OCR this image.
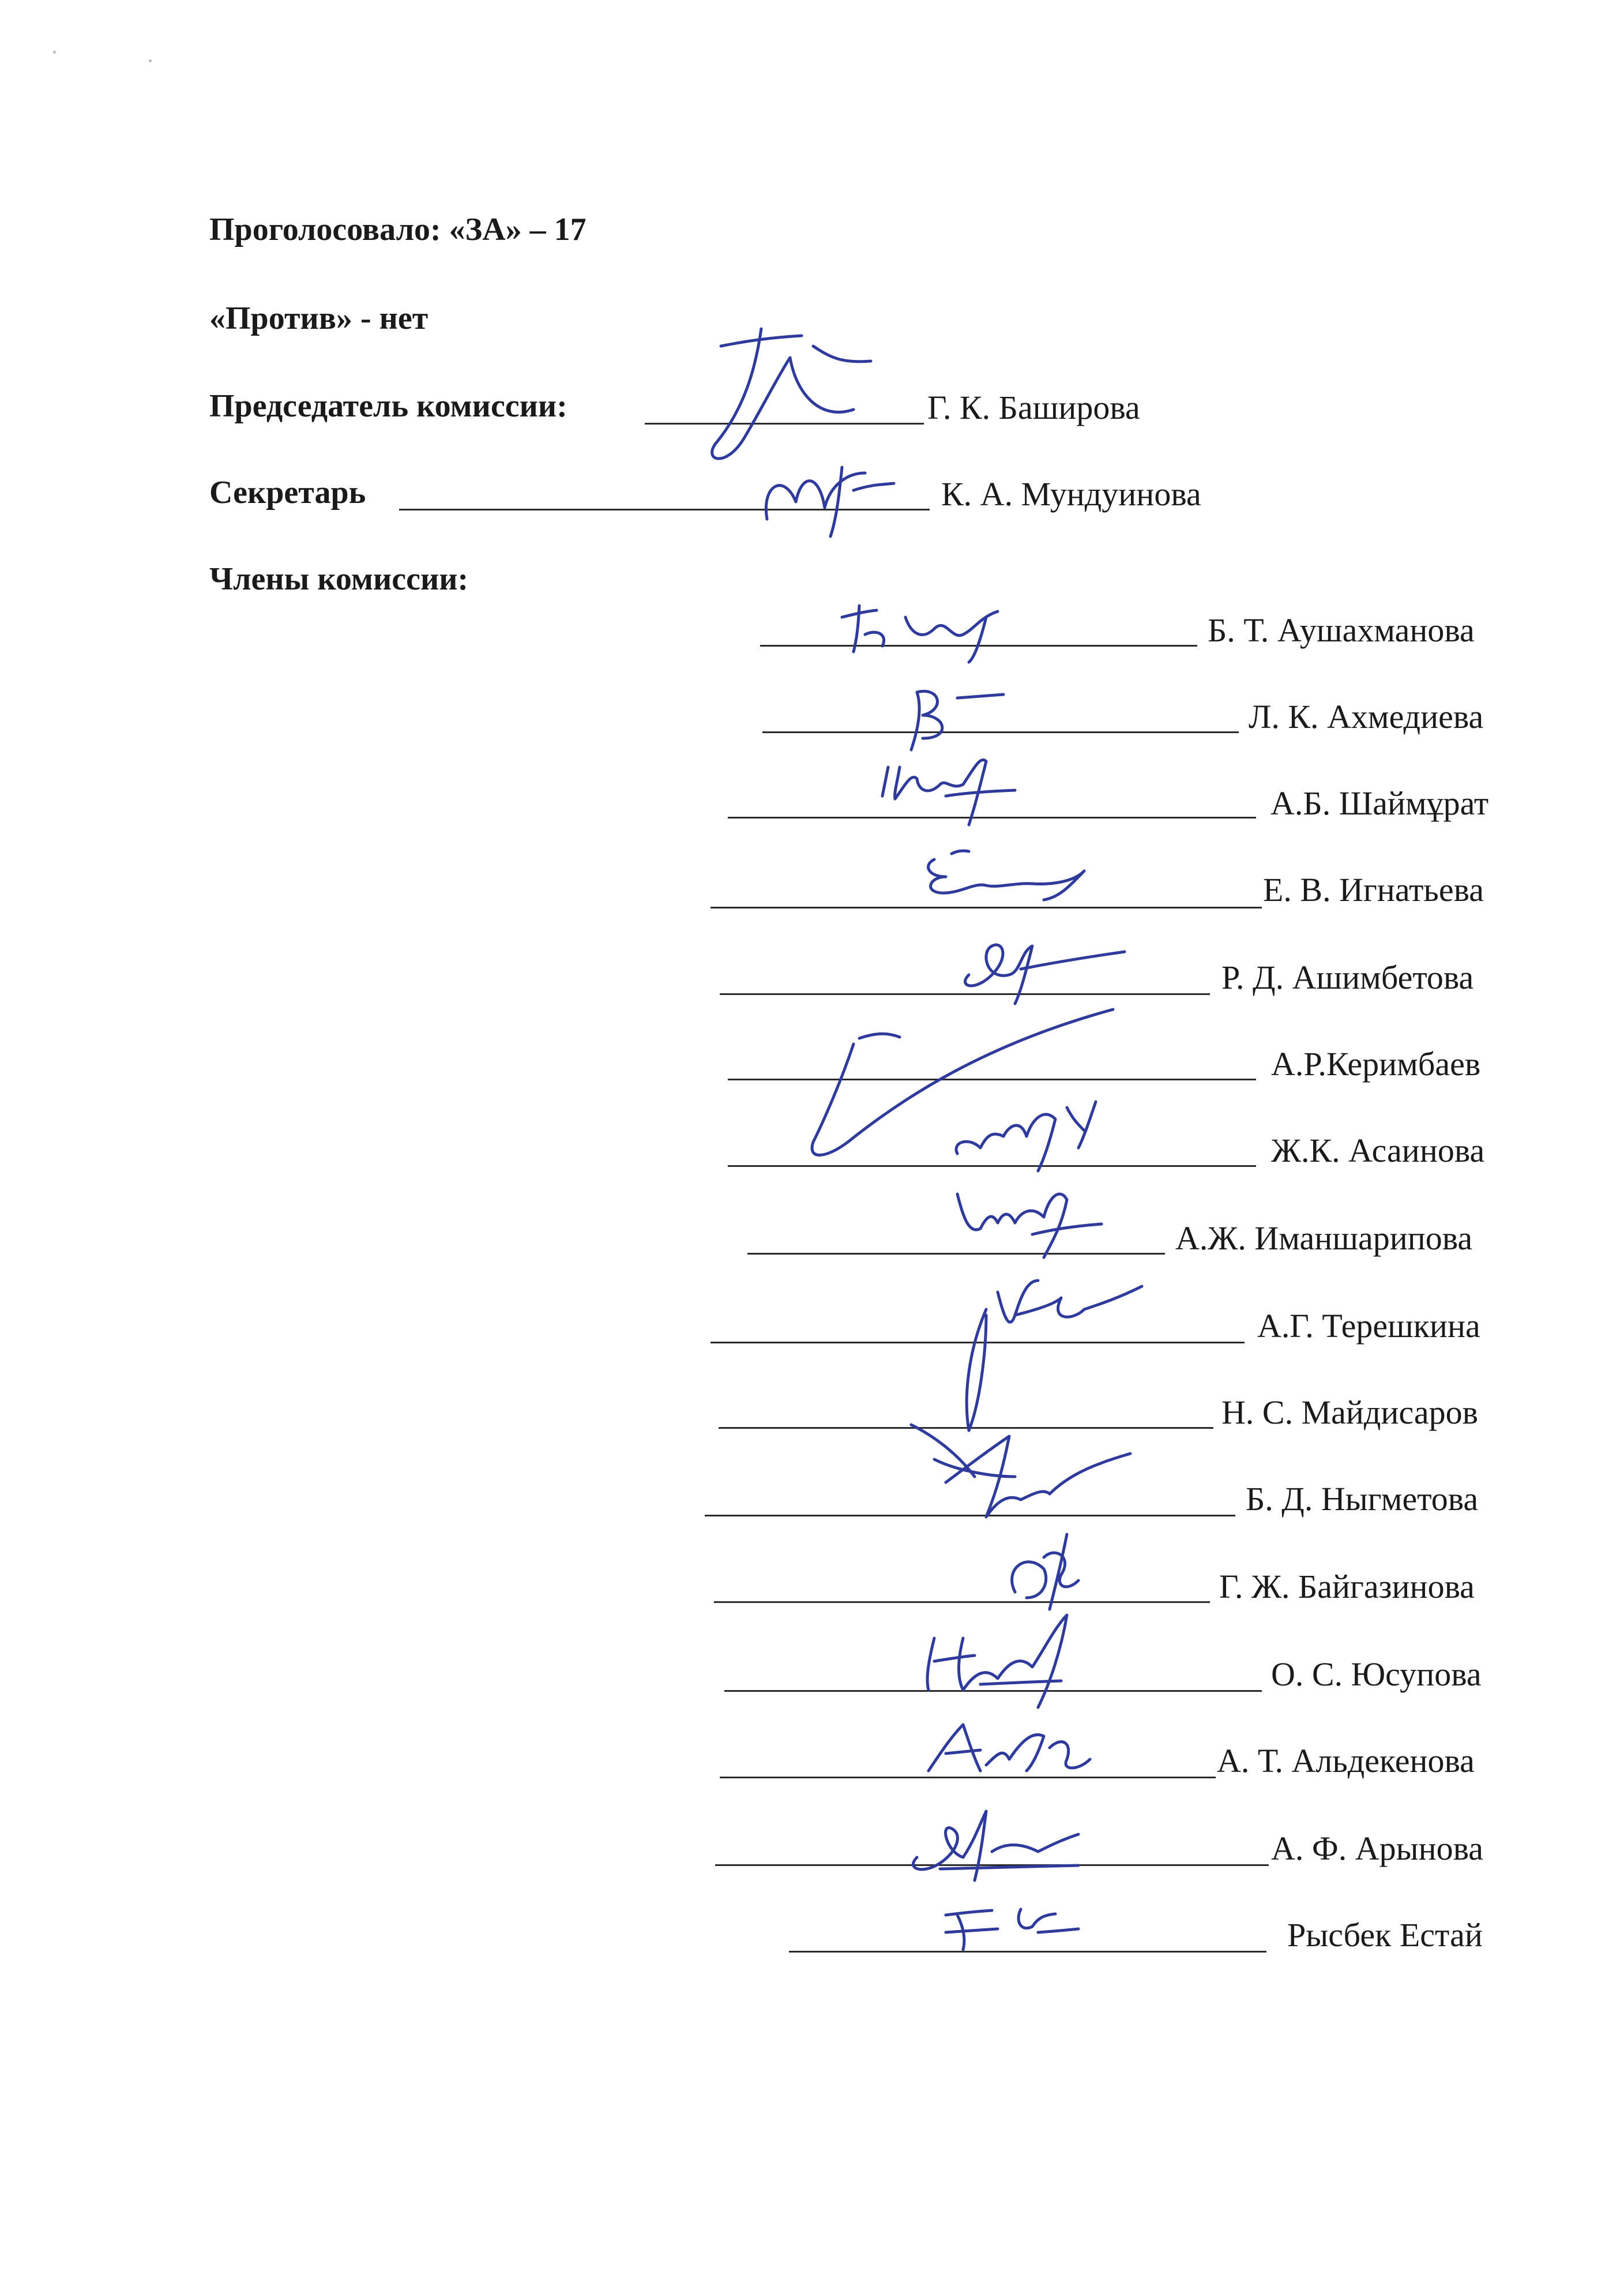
Проголосовало: «ЗА» – 17
«Против» - нет
Председатель комиссии:	Г. К. Баширова
Секретарь	К. А. Мундуинова
Члены комиссии:
Б. Т. Аушахманова
Л. К. Ахмедиева
А.Б. Шаймұрат
Е. В. Игнатьева
Р. Д. Ашимбетова
А.Р.Керимбаев
Ж.К. Асаинова
А.Ж. Иманшарипова
А.Г. Терешкина
Н. С. Майдисаров
Б. Д. Ныгметова
Г. Ж. Байгазинова
О. С. Юсупова
А. Т. Альдекенова
А. Ф. Арынова
Рысбек Естай
